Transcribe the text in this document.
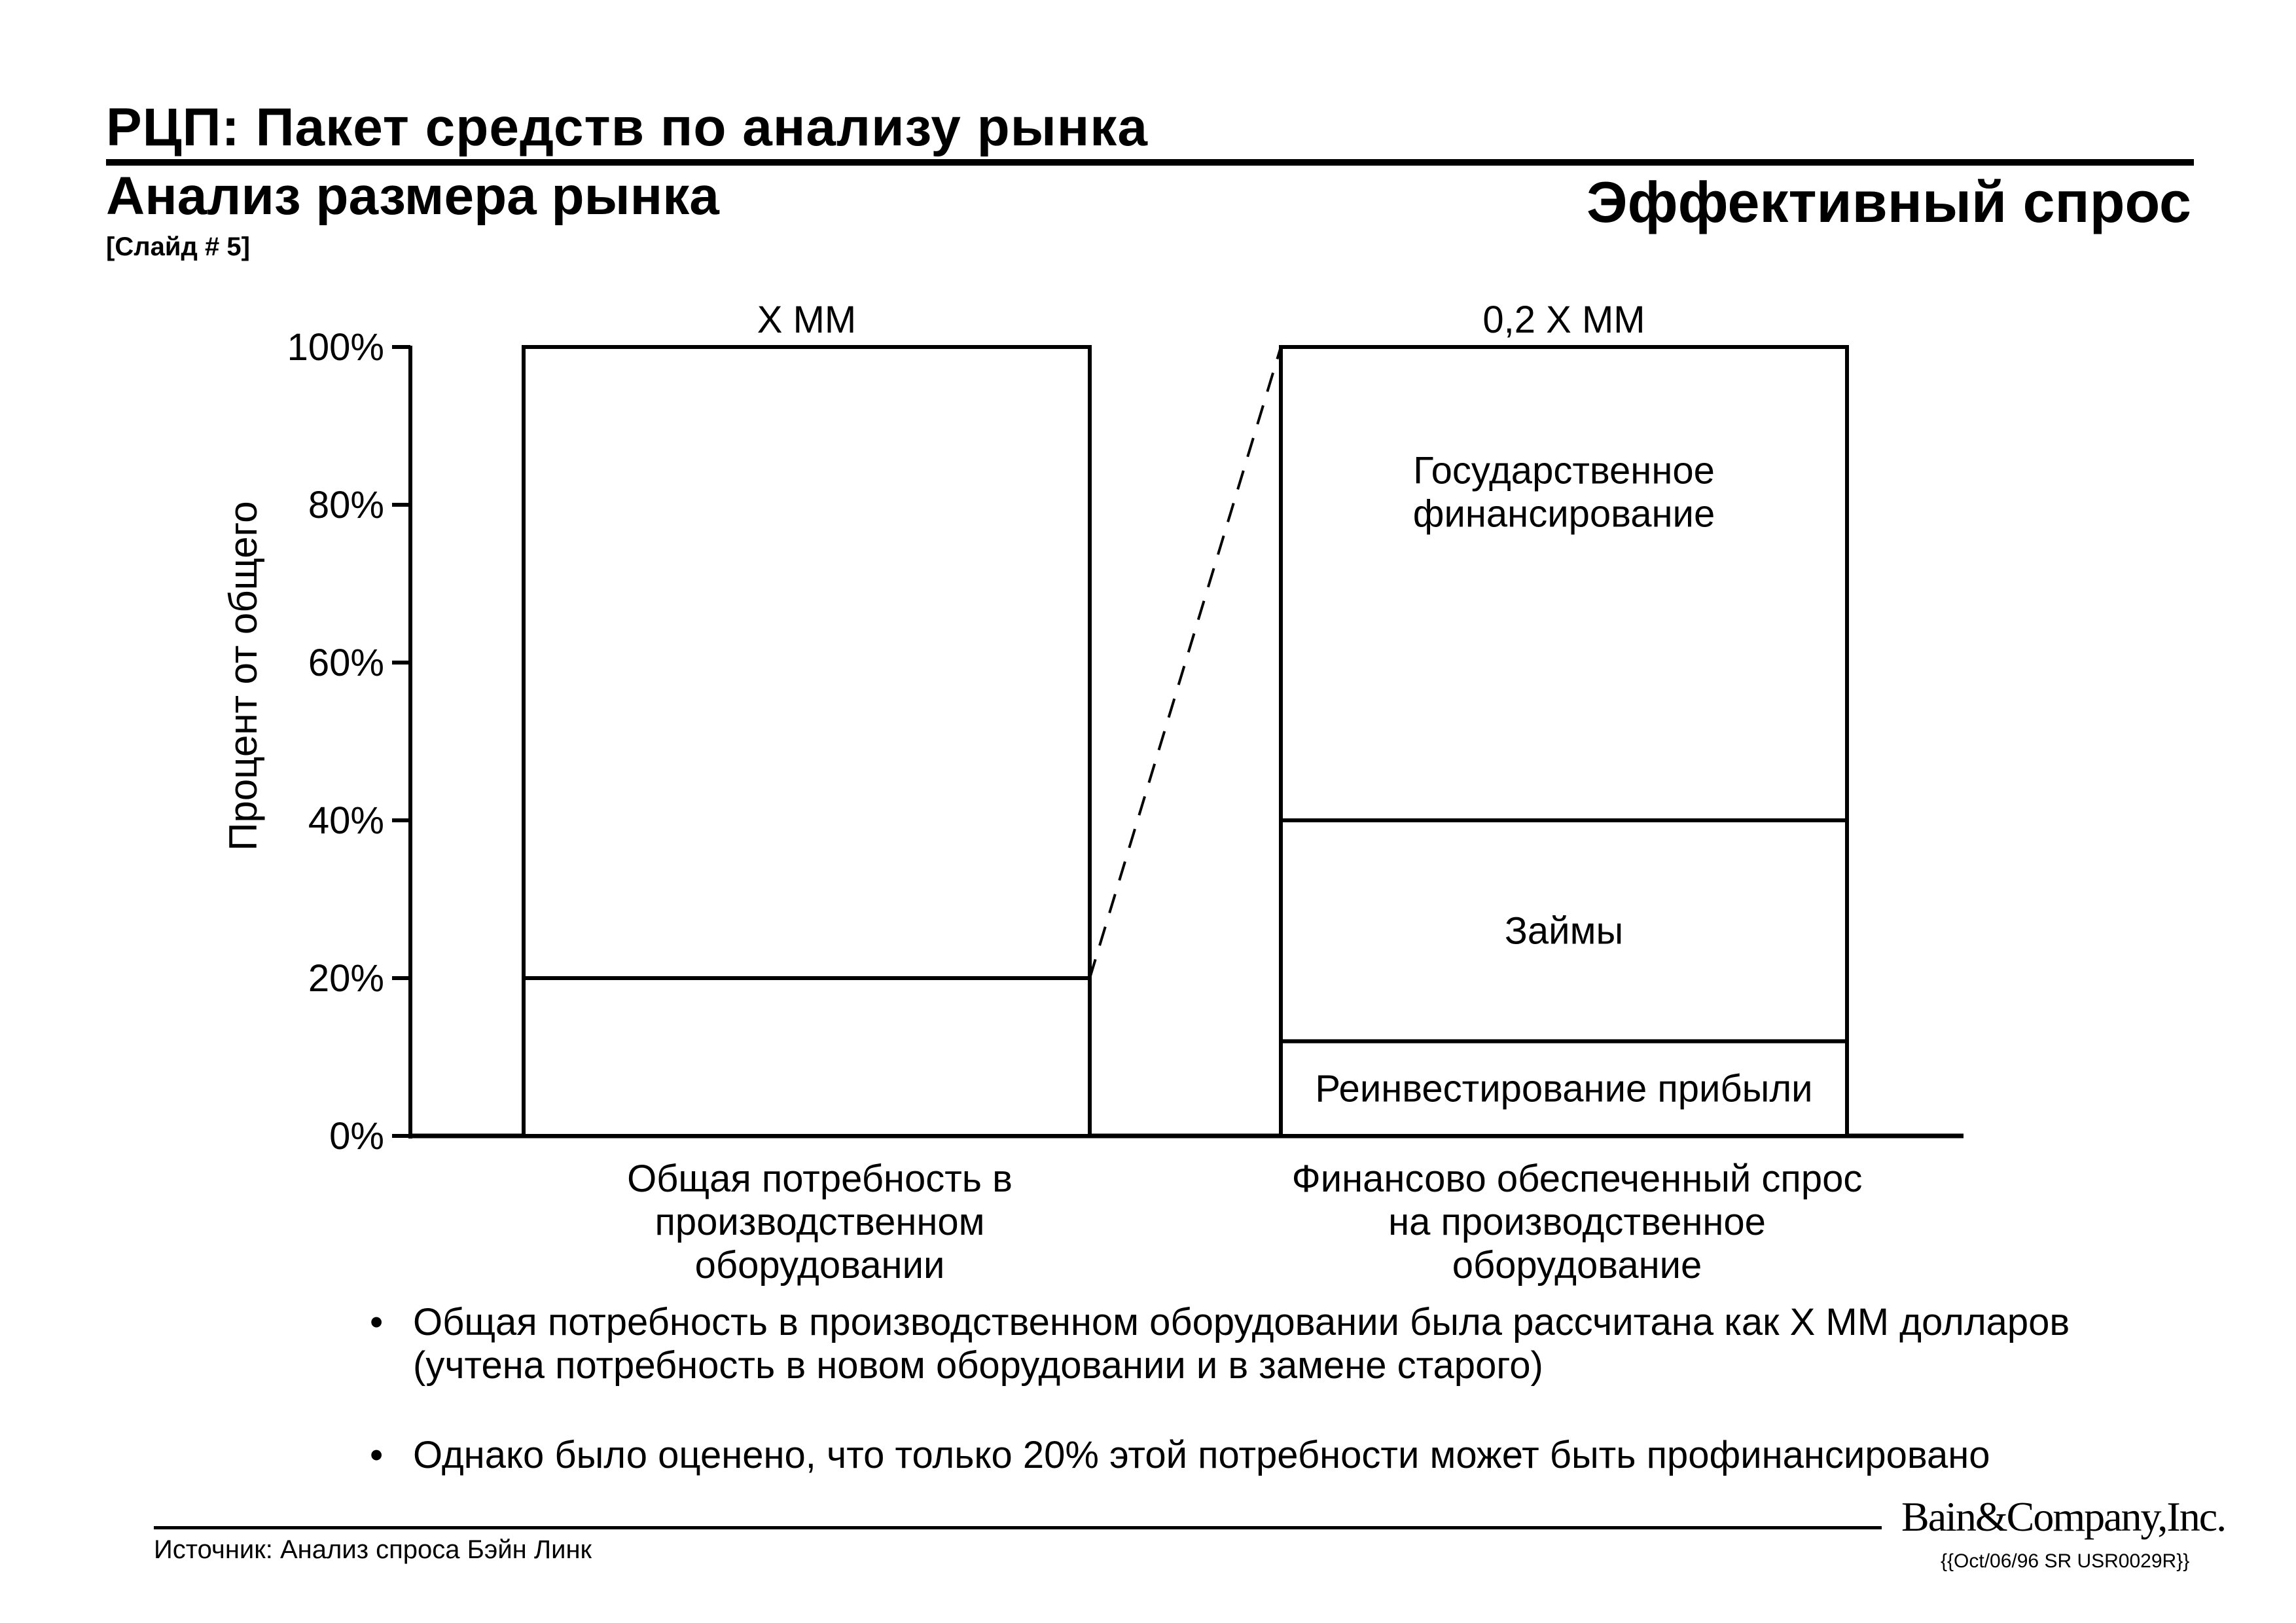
РЦП: Пакет средств по анализу рынка
Анализ размера рынка
[Слайд # 5]
Эффективный спрос
0%
20%
40%
60%
80%
100%
Процент от общего
X MM
Общая потребность в
производственном
оборудовании
Реинвестирование прибыли
Займы
Государственное
финансирование
0,2 X MM
Финансово обеспеченный спрос
на производственное
оборудование
• Общая потребность в производственном оборудовании была рассчитана как X MM долларов (учтена потребность в новом оборудовании и в замене старого)
• Однако было оценено, что только 20% этой потребности может быть профинансировано
Источник: Анализ спроса Бэйн Линк
Bain&Company,Inc.
{{Oct/06/96 SR USR0029R}}
